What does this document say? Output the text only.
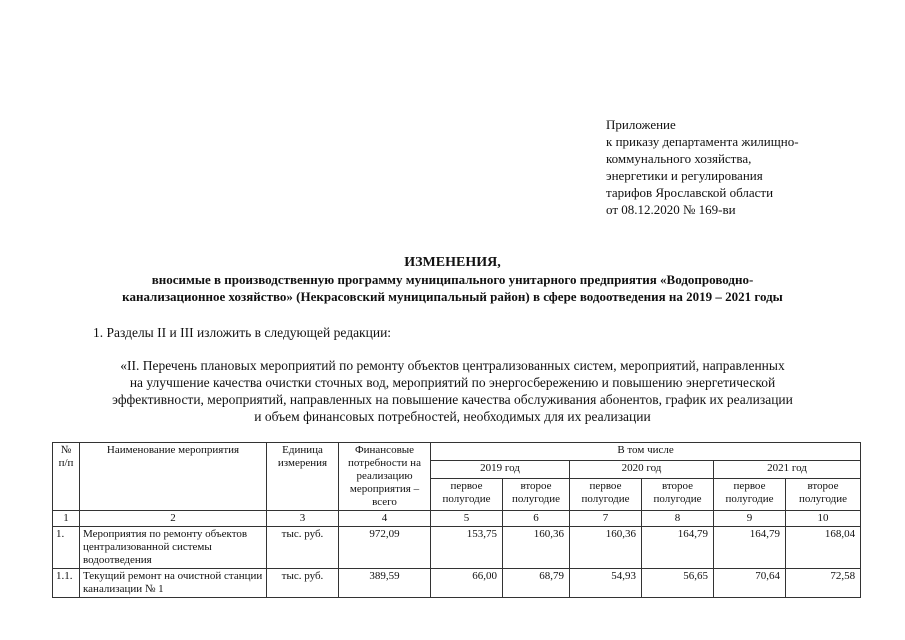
Приложение
к приказу департамента жилищно-
коммунального хозяйства,
энергетики и регулирования
тарифов Ярославской области
от 08.12.2020 № 169-ви
ИЗМЕНЕНИЯ,
вносимые в производственную программу муниципального унитарного предприятия «Водопроводно-
канализационное хозяйство» (Некрасовский муниципальный район) в сфере водоотведения на 2019 – 2021 годы
1. Разделы II и III изложить в следующей редакции:
«II. Перечень плановых мероприятий по ремонту объектов централизованных систем, мероприятий, направленных
на улучшение качества очистки сточных вод, мероприятий по энергосбережению и повышению энергетической
эффективности, мероприятий, направленных на повышение качества обслуживания абонентов, график их реализации
и объем финансовых потребностей, необходимых для их реализации
№ п/п	Наименование мероприятия	Единица измерения	Финансовые потребности на реализацию мероприятия – всего	В том числе					
				2019 год		2020 год		2021 год	
				первое полугодие	второе полугодие	первое полугодие	второе полугодие	первое полугодие	второе полугодие
1	2	3	4	5	6	7	8	9	10
1.	Мероприятия по ремонту объектов централизованной системы водоотведения	тыс. руб.	972,09	153,75	160,36	160,36	164,79	164,79	168,04
1.1.	Текущий ремонт на очистной станции канализации № 1	тыс. руб.	389,59	66,00	68,79	54,93	56,65	70,64	72,58
